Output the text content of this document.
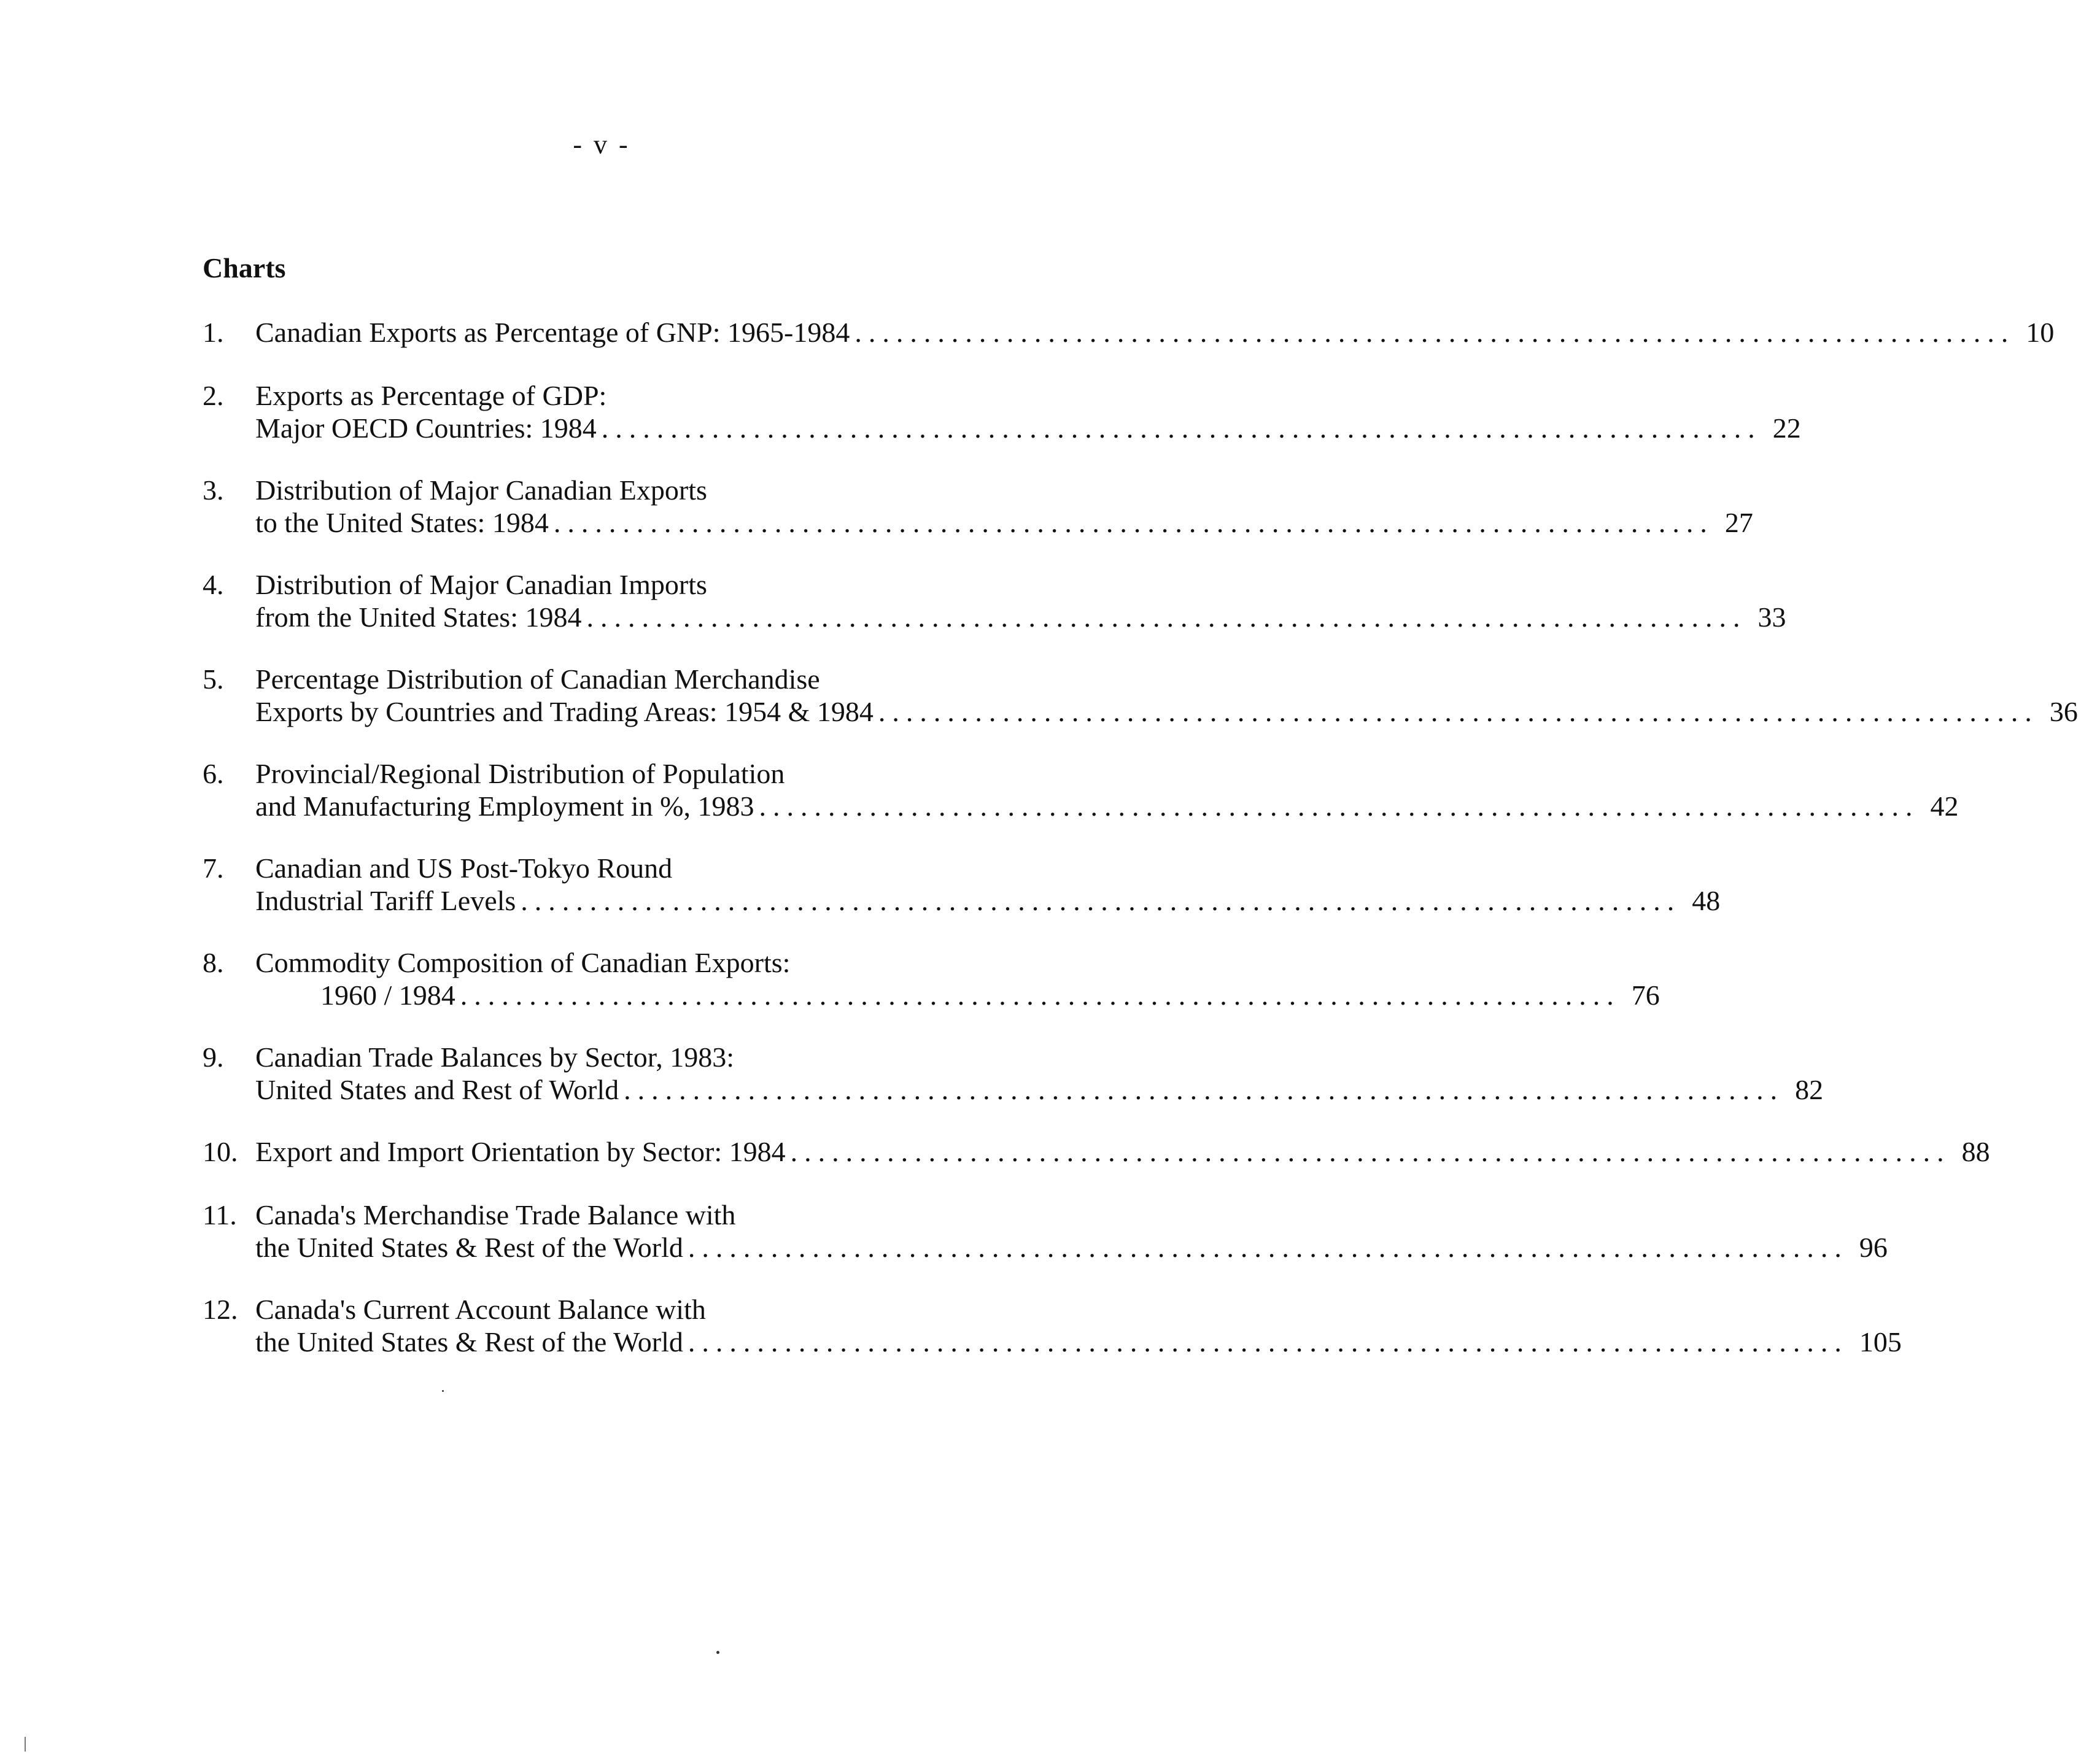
- v -
Charts
1.	Canadian Exports as Percentage of GNP: 1965-1984 .................................................................................... 10
2.	Exports as Percentage of GDP:
Major OECD Countries: 1984 .................................................................................... 22
3.	Distribution of Major Canadian Exports
to the United States: 1984 .................................................................................... 27
4.	Distribution of Major Canadian Imports
from the United States: 1984 .................................................................................... 33
5.	Percentage Distribution of Canadian Merchandise
Exports by Countries and Trading Areas: 1954 & 1984 .................................................................................... 36
6.	Provincial/Regional Distribution of Population
and Manufacturing Employment in %, 1983 .................................................................................... 42
7.	Canadian and US Post-Tokyo Round
Industrial Tariff Levels .................................................................................... 48
8.	Commodity Composition of Canadian Exports:
1960 / 1984 .................................................................................... 76
9.	Canadian Trade Balances by Sector, 1983:
United States and Rest of World .................................................................................... 82
10. Export and Import Orientation by Sector: 1984 .................................................................................... 88
11. Canada's Merchandise Trade Balance with
the United States & Rest of the World .................................................................................... 96
12. Canada's Current Account Balance with
the United States & Rest of the World .................................................................................... 105
